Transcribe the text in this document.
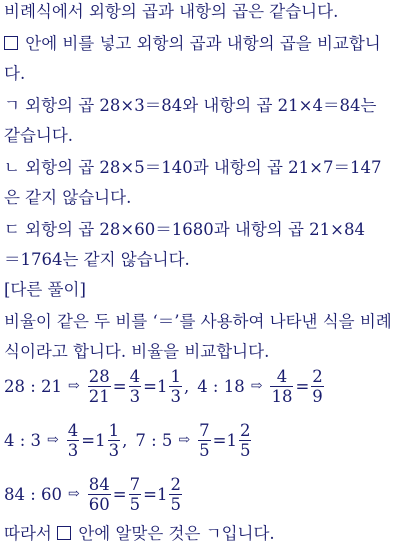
비례식에서 외항의 곱과 내항의 곱은 같습니다.
안에 비를 넣고 외항의 곱과 내항의 곱을 비교합니
다.
ㄱ 외항의 곱 28×3＝84와 내항의 곱 21×4＝84는
같습니다.
ㄴ 외항의 곱 28×5＝140과 내항의 곱 21×7＝147
은 같지 않습니다.
ㄷ 외항의 곱 28×60＝1680과 내항의 곱 21×84
＝1764는 같지 않습니다.
[다른 풀이]
비율이 같은 두 비를 ‘＝’를 사용하여 나타낸 식을 비례
식이라고 합니다. 비율을 비교합니다.
28 : 21 ⇨ $\frac{28}{21} = \frac{4}{3} = 1 \frac{1}{3}$ , 4 : 18 ⇨ $\frac{4}{18} = \frac{2}{9}$
4 : 3 ⇨ $\frac{4}{3} = 1 \frac{1}{3}$ , 7 : 5 ⇨ $\frac{7}{5} = 1 \frac{2}{5}$
84 : 60 ⇨ $\frac{84}{60} = \frac{7}{5} = 1 \frac{2}{5}$
따라서 안에 알맞은 것은 ㄱ입니다.
